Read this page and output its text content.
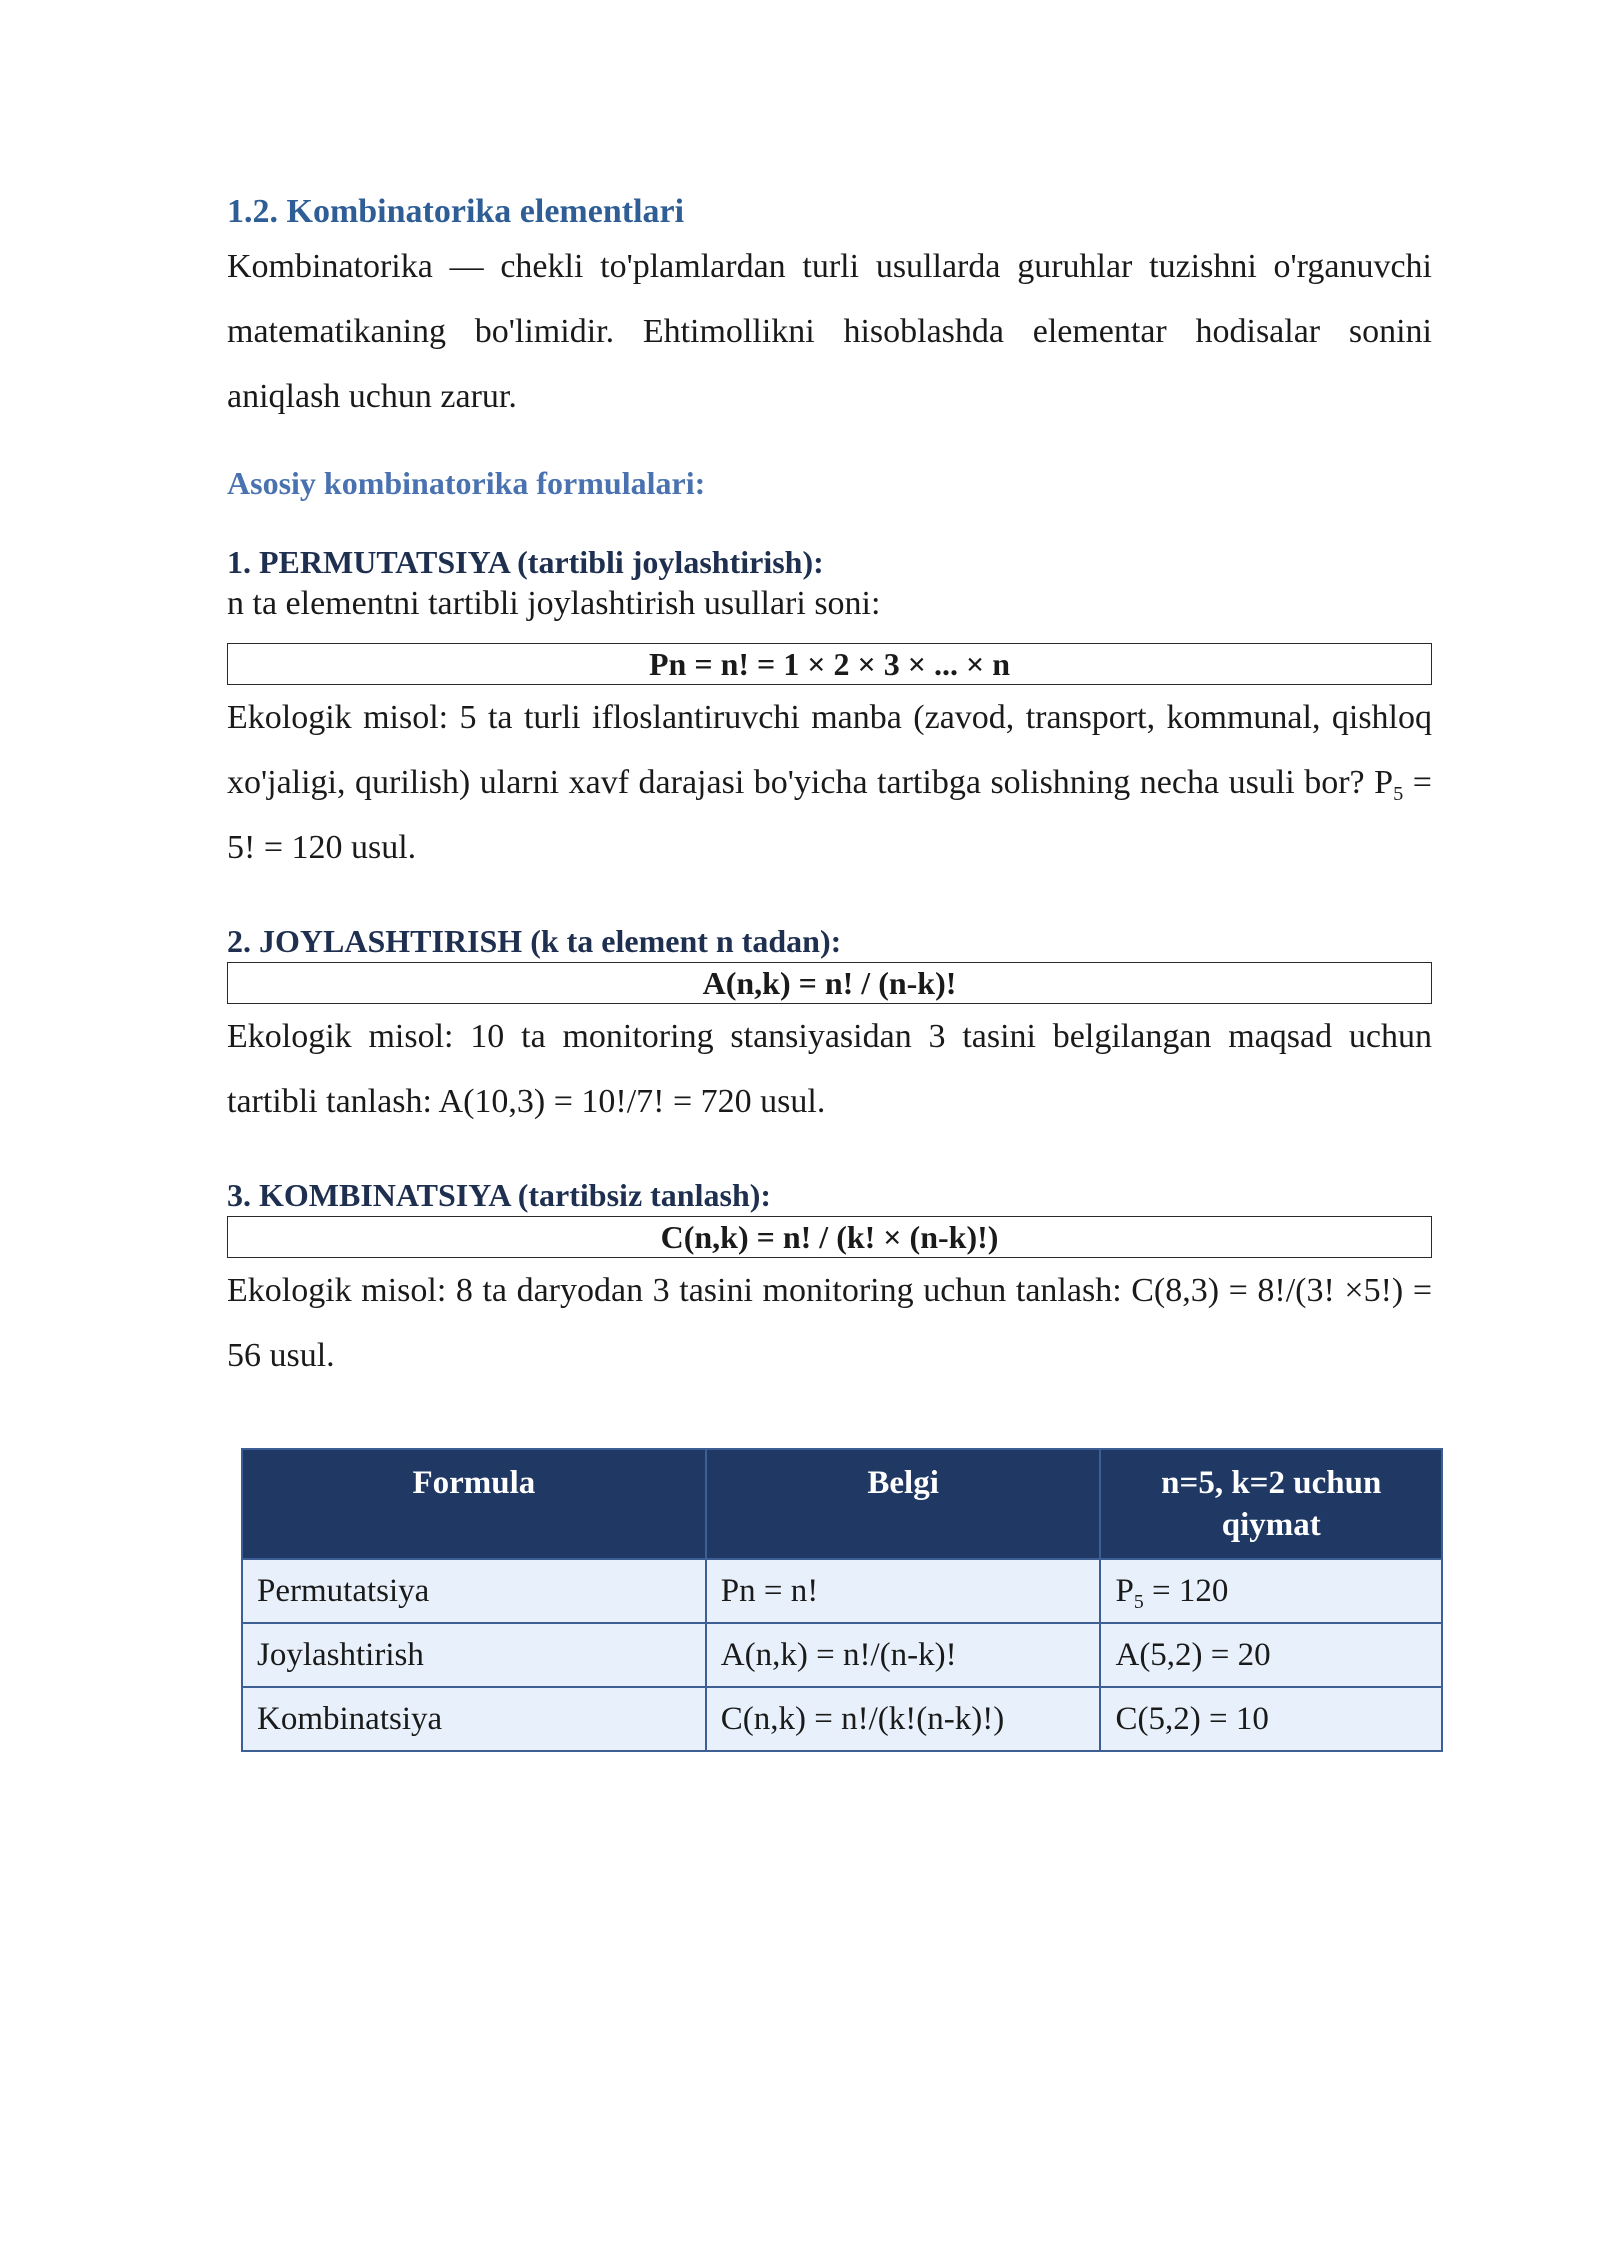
1.2. Kombinatorika elementlari

Kombinatorika — chekli to'plamlardan turli usullarda guruhlar tuzishni o'rganuvchi matematikaning bo'limidir. Ehtimollikni hisoblashda elementar hodisalar sonini aniqlash uchun zarur.

Asosiy kombinatorika formulalari:
1. PERMUTATSIYA (tartibli joylashtirish):

n ta elementni tartibli joylashtirish usullari soni:

Pn = n! = 1 × 2 × 3 × ... × n

Ekologik misol: 5 ta turli ifloslantiruvchi manba (zavod, transport, kommunal, qishloq xo'jaligi, qurilish) ularni xavf darajasi bo'yicha tartibga solishning necha usuli bor? $P_5 = 5$! = 120 usul.

2. JOYLASHTIRISH (k ta element n tadan):
A(n,k) = n! / (n-k)!

Ekologik misol: 10 ta monitoring stansiyasidan 3 tasini belgilangan maqsad uchun tartibli tanlash: A(10,3) = 10!/7! = 720 usul.

3. KOMBINATSIYA (tartibsiz tanlash):
C(n,k) = n! / (k! × (n-k)!)

Ekologik misol: 8 ta daryodan 3 tasini monitoring uchun tanlash: C(8,3) = 8!/(3! ×5!) = 56 usul.

Formula	Belgi	n=5, k=2 uchun qiymat
Permutatsiya	Pn = n!	$P_5 = 120$
Joylashtirish	A(n,k) = n!/(n-k)!	A(5,2) = 20
Kombinatsiya	C(n,k) = n!/(k!(n-k)!)	C(5,2) = 10
